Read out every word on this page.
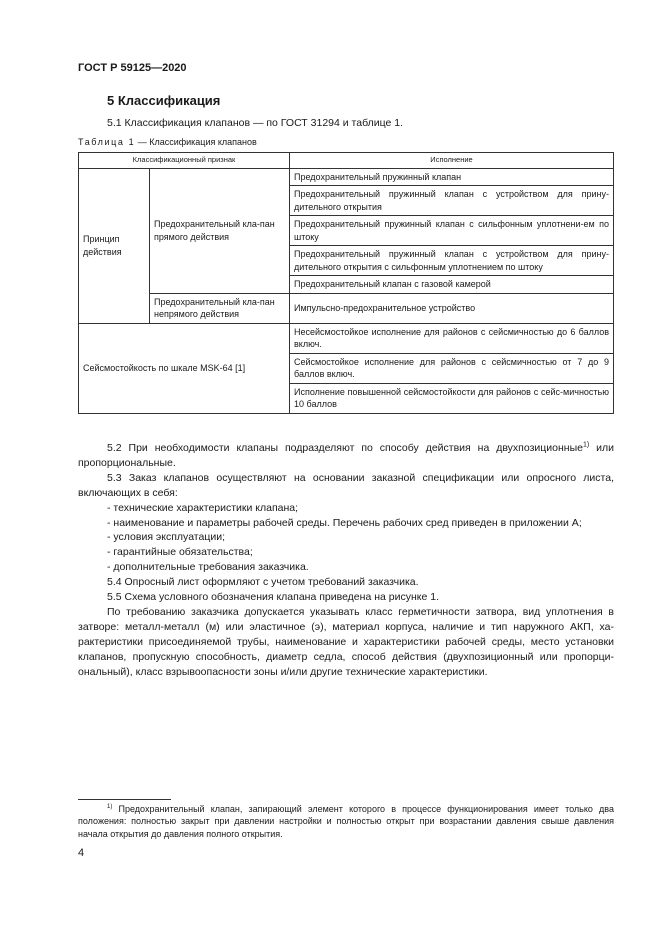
ГОСТ Р 59125—2020
5 Классификация
5.1 Классификация клапанов — по ГОСТ 31294 и таблице 1.
Таблица 1 — Классификация клапанов
Классификационный признак		Исполнение
Принцип действия	Предохранительный кла-пан прямого действия	Предохранительный пружинный клапан
		Предохранительный пружинный клапан с устройством для прину-дительного открытия
		Предохранительный пружинный клапан с сильфонным уплотнени-ем по штоку
		Предохранительный пружинный клапан с устройством для прину-дительного открытия с сильфонным уплотнением по штоку
		Предохранительный клапан с газовой камерой
	Предохранительный кла-пан непрямого действия	Импульсно-предохранительное устройство
Сейсмостойкость по шкале MSK-64 [1]		Несейсмостойкое исполнение для районов с сейсмичностью до 6 баллов включ.
		Сейсмостойкое исполнение для районов с сейсмичностью от 7 до 9 баллов включ.
		Исполнение повышенной сейсмостойкости для районов с сейс-мичностью 10 баллов

5.2 При необходимости клапаны подразделяют по способу действия на двухпозиционные$^{1)}$ или пропорциональные.

5.3 Заказ клапанов осуществляют на основании заказной спецификации или опросного листа, включающих в себя:

- технические характеристики клапана;

- наименование и параметры рабочей среды. Перечень рабочих сред приведен в приложении А;

- условия эксплуатации;

- гарантийные обязательства;

- дополнительные требования заказчика.

5.4 Опросный лист оформляют с учетом требований заказчика.

5.5 Схема условного обозначения клапана приведена на рисунке 1.

По требованию заказчика допускается указывать класс герметичности затвора, вид уплотнения в затворе: металл-металл (м) или эластичное (э), материал корпуса, наличие и тип наружного АКП, ха-рактеристики присоединяемой трубы, наименование и характеристики рабочей среды, место установки клапанов, пропускную способность, диаметр седла, способ действия (двухпозиционный или пропорци-ональный), класс взрывоопасности зоны и/или другие технические характеристики.

$^{1)}$ Предохранительный клапан, запирающий элемент которого в процессе функционирования имеет только два положения: полностью закрыт при давлении настройки и полностью открыт при возрастании давления свыше давления начала открытия до давления полного открытия.
4
